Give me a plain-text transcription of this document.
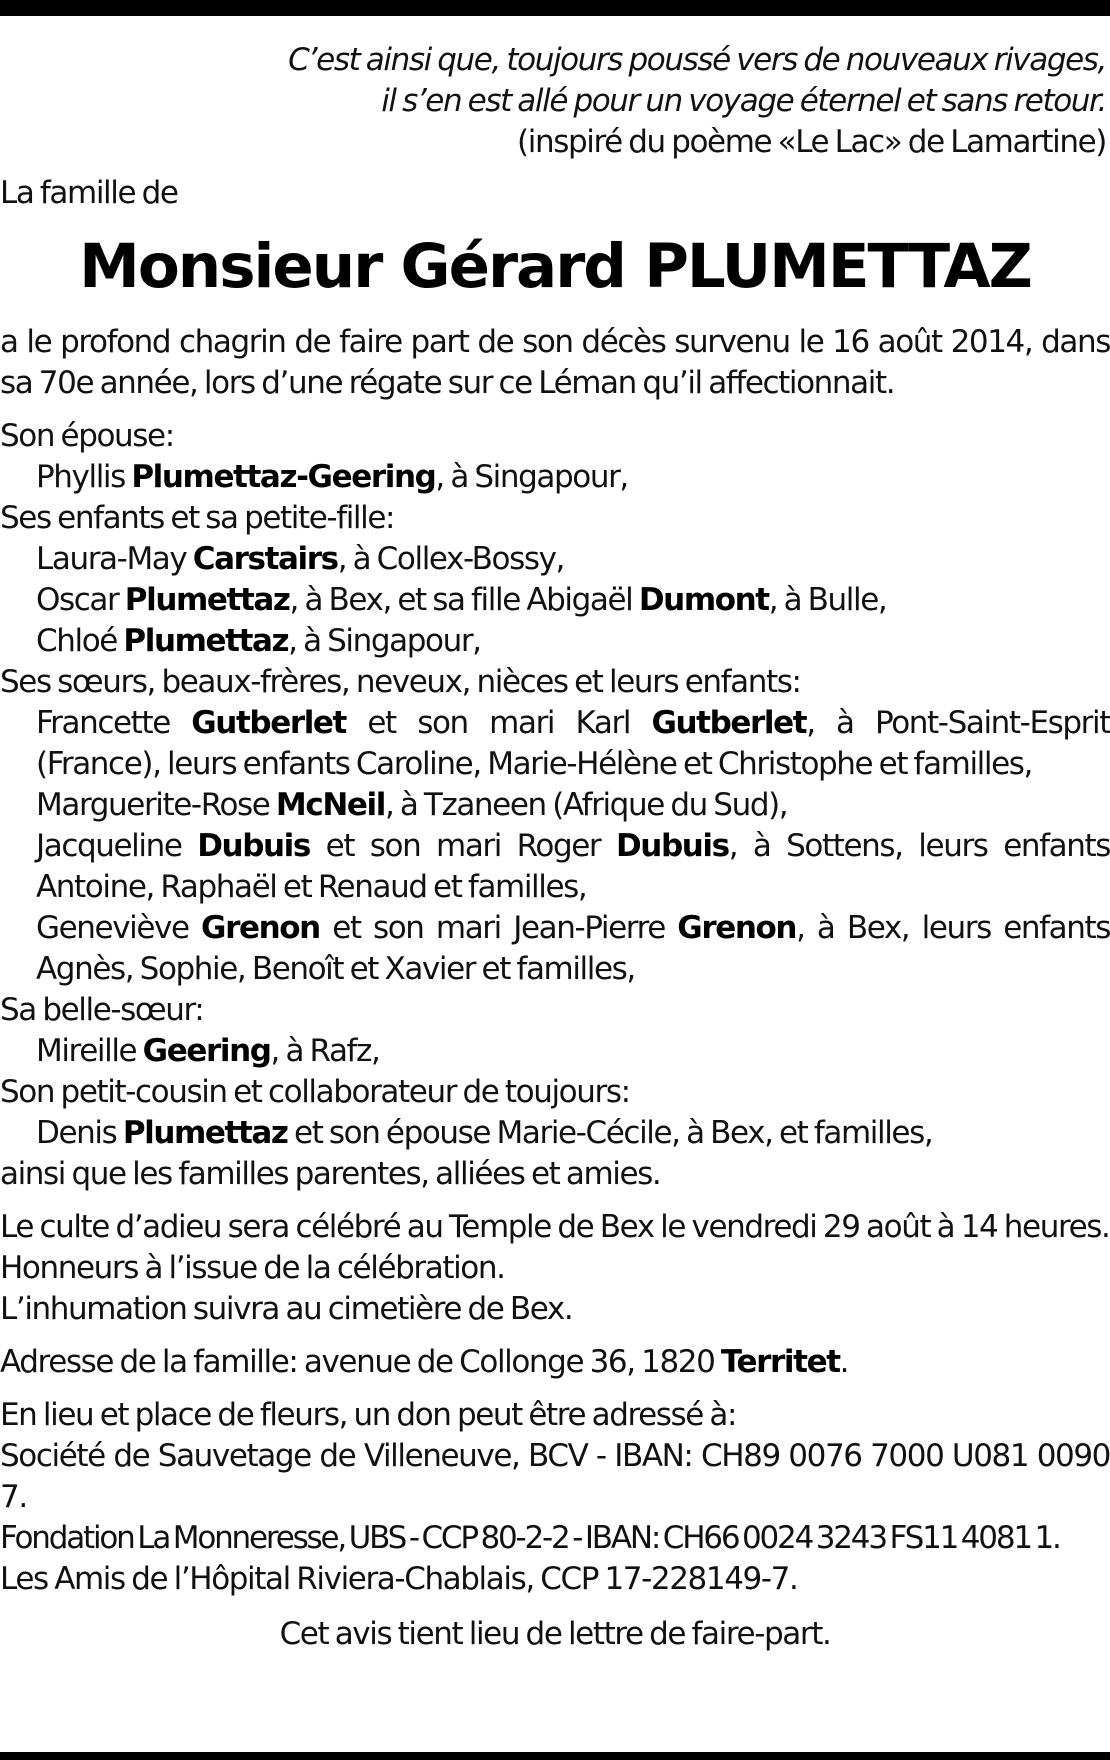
C’est ainsi que, toujours poussé vers de nouveaux rivages,
il s’en est allé pour un voyage éternel et sans retour.
(inspiré du poème «Le Lac» de Lamartine)
La famille de
Monsieur Gérard PLUMETTAZ
a le profond chagrin de faire part de son décès survenu le 16 août 2014, dans sa 70e année, lors d’une régate sur ce Léman qu’il affectionnait.
Son épouse:
Phyllis Plumettaz-Geering, à Singapour,
Ses enfants et sa petite-fille:
Laura-May Carstairs, à Collex-Bossy,
Oscar Plumettaz, à Bex, et sa fille Abigaël Dumont, à Bulle,
Chloé Plumettaz, à Singapour,
Ses sœurs, beaux-frères, neveux, nièces et leurs enfants:
Francette Gutberlet et son mari Karl Gutberlet, à Pont-Saint-Esprit (France), leurs enfants Caroline, Marie-Hélène et Christophe et familles,
Marguerite-Rose McNeil, à Tzaneen (Afrique du Sud),
Jacqueline Dubuis et son mari Roger Dubuis, à Sottens, leurs enfants Antoine, Raphaël et Renaud et familles,
Geneviève Grenon et son mari Jean-Pierre Grenon, à Bex, leurs enfants Agnès, Sophie, Benoît et Xavier et familles,
Sa belle-sœur:
Mireille Geering, à Rafz,
Son petit-cousin et collaborateur de toujours:
Denis Plumettaz et son épouse Marie-Cécile, à Bex, et familles,
ainsi que les familles parentes, alliées et amies.
Le culte d’adieu sera célébré au Temple de Bex le vendredi 29 août à 14 heures.
Honneurs à l’issue de la célébration.
L’inhumation suivra au cimetière de Bex.
Adresse de la famille: avenue de Collonge 36, 1820 Territet.
En lieu et place de fleurs, un don peut être adressé à:
Société de Sauvetage de Villeneuve, BCV - IBAN: CH89 0076 7000 U081 0090 7.
Fondation La Monneresse, UBS - CCP 80-2-2 - IBAN: CH66 0024 3243 FS11 4081 1.
Les Amis de l’Hôpital Riviera-Chablais, CCP 17-228149-7.
Cet avis tient lieu de lettre de faire-part.
